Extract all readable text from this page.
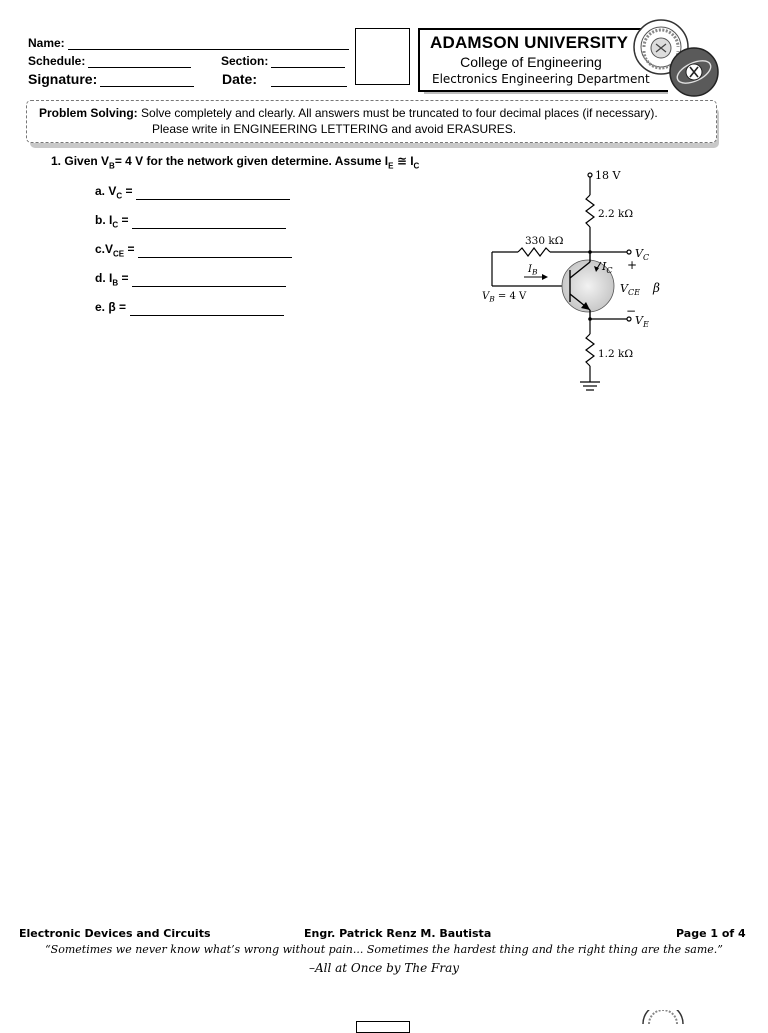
Name:
Schedule:	Section:
Signature:	Date:
ADAMSON UNIVERSITY
College of Engineering
Electronics Engineering Department
Problem Solving: Solve completely and clearly. All answers must be truncated to four decimal places (if necessary).
Please write in ENGINEERING LETTERING and avoid ERASURES.
1. Given $V_B= 4$ V for the network given determine. Assume $I_E$ ≅ $I_C$
a. $V_C$ =
b. $I_C$ =
$c.V_{CE}$ =
d. $I_B$ =
e. β =
18 V
2.2 kΩ
330 kΩ
1.2 kΩ
$V_C$
+
$V_{CE}$ β
−
$V_E$
$I_B$	$I_C$
$V_B = 4$ V
Electronic Devices and Circuits	Engr. Patrick Renz M. Bautista	Page 1 of 4
“Sometimes we never know what’s wrong without pain... Sometimes the hardest thing and the right thing are the same.”
–All at Once by The Fray
